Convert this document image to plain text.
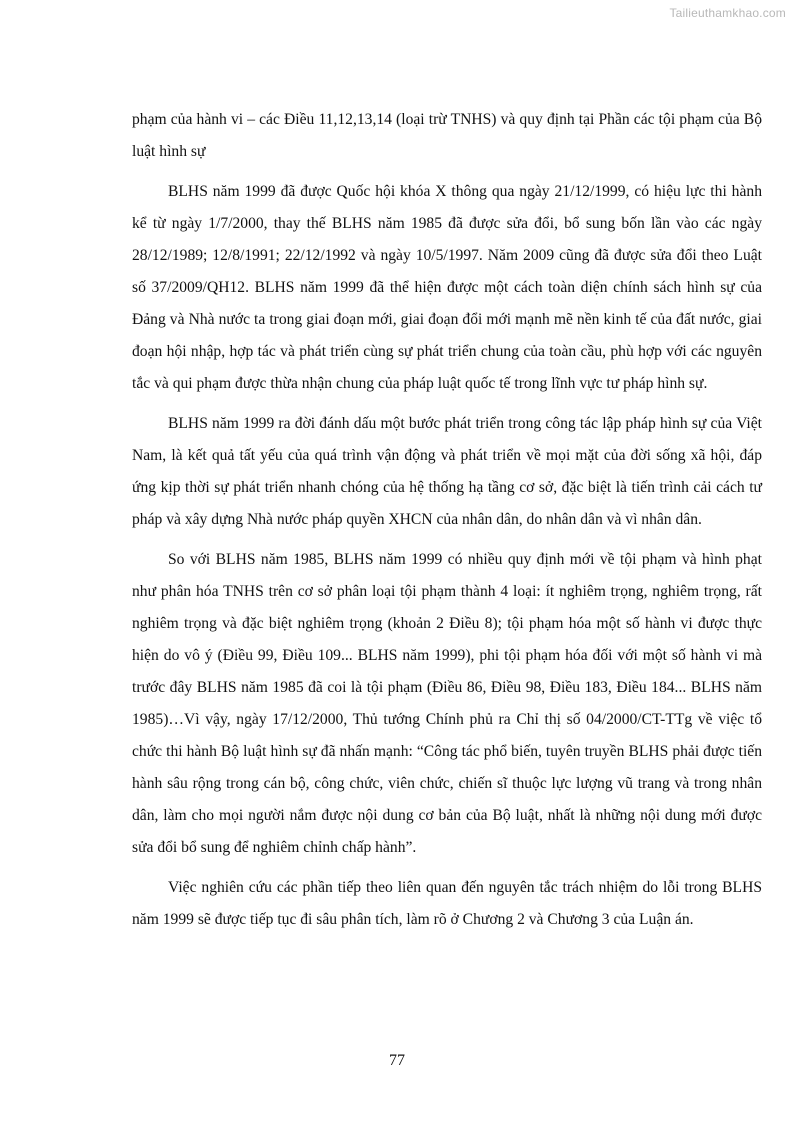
Tailieuthamkhao.com

phạm của hành vi – các Điều 11,12,13,14 (loại trừ TNHS) và quy định tại Phần các tội phạm của Bộ luật hình sự

BLHS năm 1999 đã được Quốc hội khóa X thông qua ngày 21/12/1999, có hiệu lực thi hành kể từ ngày 1/7/2000, thay thế BLHS năm 1985 đã được sửa đổi, bổ sung bốn lần vào các ngày 28/12/1989; 12/8/1991; 22/12/1992 và ngày 10/5/1997. Năm 2009 cũng đã được sửa đổi theo Luật số 37/2009/QH12. BLHS năm 1999 đã thể hiện được một cách toàn diện chính sách hình sự của Đảng và Nhà nước ta trong giai đoạn mới, giai đoạn đổi mới mạnh mẽ nền kinh tế của đất nước, giai đoạn hội nhập, hợp tác và phát triển cùng sự phát triển chung của toàn cầu, phù hợp với các nguyên tắc và qui phạm được thừa nhận chung của pháp luật quốc tế trong lĩnh vực tư pháp hình sự.

BLHS năm 1999 ra đời đánh dấu một bước phát triển trong công tác lập pháp hình sự của Việt Nam, là kết quả tất yếu của quá trình vận động và phát triển về mọi mặt của đời sống xã hội, đáp ứng kịp thời sự phát triển nhanh chóng của hệ thống hạ tầng cơ sở, đặc biệt là tiến trình cải cách tư pháp và xây dựng Nhà nước pháp quyền XHCN của nhân dân, do nhân dân và vì nhân dân.

So với BLHS năm 1985, BLHS năm 1999 có nhiều quy định mới về tội phạm và hình phạt như phân hóa TNHS trên cơ sở phân loại tội phạm thành 4 loại: ít nghiêm trọng, nghiêm trọng, rất nghiêm trọng và đặc biệt nghiêm trọng (khoản 2 Điều 8); tội phạm hóa một số hành vi được thực hiện do vô ý (Điều 99, Điều 109... BLHS năm 1999), phi tội phạm hóa đối với một số hành vi mà trước đây BLHS năm 1985 đã coi là tội phạm (Điều 86, Điều 98, Điều 183, Điều 184... BLHS năm 1985)…Vì vậy, ngày 17/12/2000, Thủ tướng Chính phủ ra Chỉ thị số 04/2000/CT-TTg về việc tổ chức thi hành Bộ luật hình sự đã nhấn mạnh: “Công tác phổ biến, tuyên truyền BLHS phải được tiến hành sâu rộng trong cán bộ, công chức, viên chức, chiến sĩ thuộc lực lượng vũ trang và trong nhân dân, làm cho mọi người nắm được nội dung cơ bản của Bộ luật, nhất là những nội dung mới được sửa đổi bổ sung để nghiêm chỉnh chấp hành”.

Việc nghiên cứu các phần tiếp theo liên quan đến nguyên tắc trách nhiệm do lỗi trong BLHS năm 1999 sẽ được tiếp tục đi sâu phân tích, làm rõ ở Chương 2 và Chương 3 của Luận án.

77
